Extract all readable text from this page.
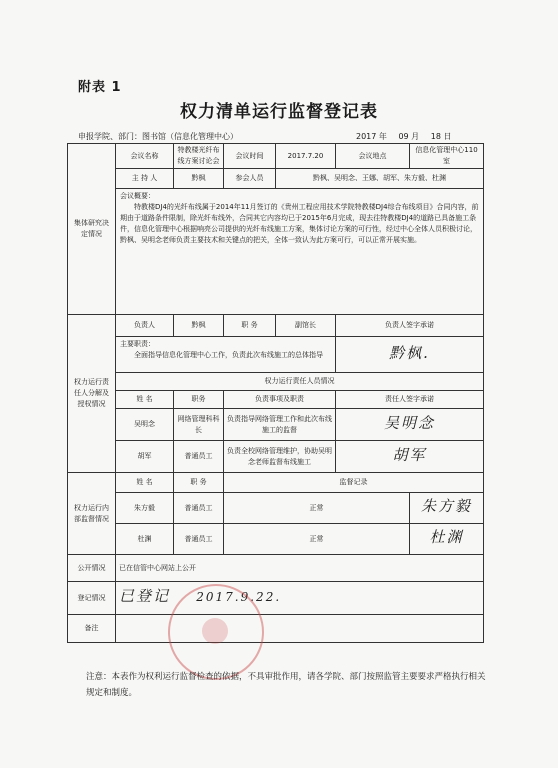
附表 1
权力清单运行监督登记表
申报学院、部门：图书馆（信息化管理中心）	2017 年 09 月 18 日
集体研究决定情况	会议名称	特教楼光纤布线方案讨论会	会议时间	2017.7.20	会议地点	信息化管理中心110室
	主 持 人	黔枫	参会人员	黔枫、吴明念、王娜、胡军、朱方毅、杜渊		

	会议概要：
特教楼DJ4的光纤布线属于2014年11月签订的《贵州工程应用技术学院特教楼DJ4综合布线项目》合同内容，前期由于道路条件限制，除光纤布线外，合同其它内容均已于2015年6月完成，现去往特教楼DJ4的道路已具备施工条件，信息化管理中心根据响亮公司提供的光纤布线施工方案，集体讨论方案的可行性，经过中心全体人员积极讨论，黔枫、吴明念老师负责主要技术和关键点的把关，全体一致认为此方案可行，可以正常开展实施。					

权力运行责任人分解及授权情况	负责人	黔枫	职 务	副馆长	负责人签字承诺	

	主要职责：
全面指导信息化管理中心工作，负责此次布线施工的总体指导				黔枫.	
	权力运行责任人员情况					
	姓 名	职务	负责事项及职责		责任人签字承诺	
	吴明念	网络管理科科长	负责指导网络管理工作和此次布线施工的监督		吴明念	
	胡军	普通员工	负责全校网络管理维护，协助吴明念老师监督布线施工		胡军	
权力运行内部监督情况	姓 名	职 务	监督记录			
	朱方毅	普通员工	正常			朱方毅
	杜渊	普通员工	正常			杜渊
公开情况	已在信管中心网站上公开					
登记情况	已登记 2017.9.22.					
备注						
注意：本表作为权利运行监督检查的依据，不具审批作用，请各学院、部门按照监管主要要求严格执行相关规定和制度。
